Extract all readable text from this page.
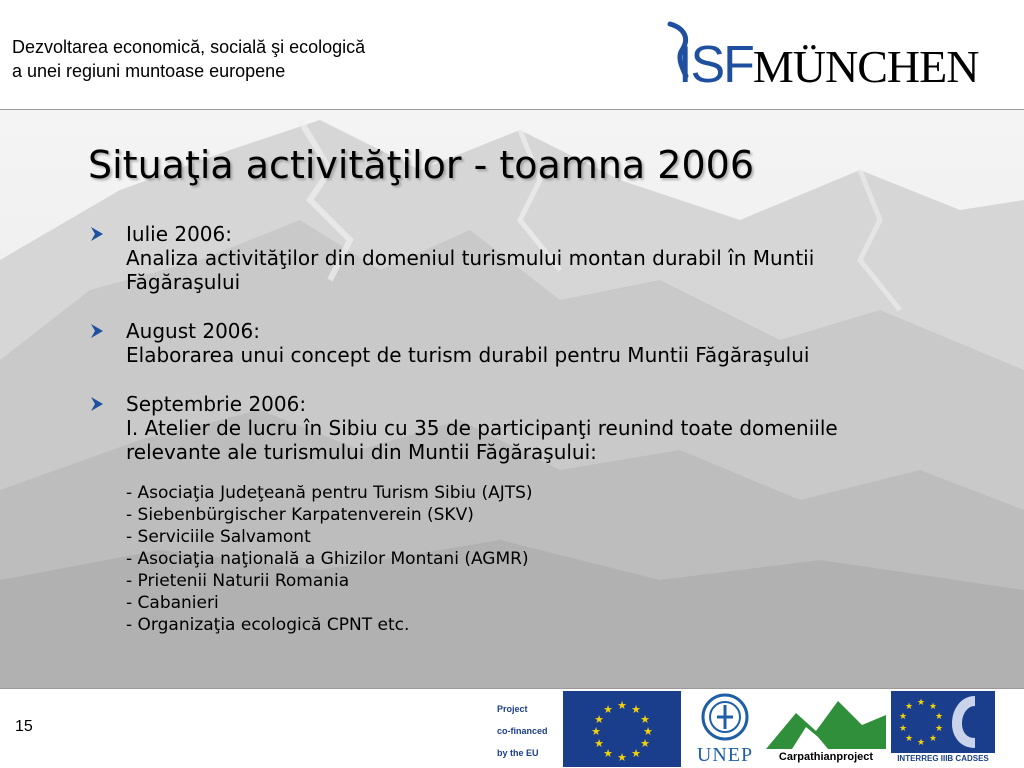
Dezvoltarea economică, socială şi ecologică
a unei regiuni muntoase europene	ISFMÜNCHEN
Situaţia activităţilor - toamna 2006
Iulie 2006:
Analiza activităţilor din domeniul turismului montan durabil în Muntii
Făgăraşului
August 2006:
Elaborarea unui concept de turism durabil pentru Muntii Făgăraşului
Septembrie 2006:
I. Atelier de lucru în Sibiu cu 35 de participanţi reunind toate domeniile
relevante ale turismului din Muntii Făgăraşului:
- Asociaţia Judeţeană pentru Turism Sibiu (AJTS)
- Siebenbürgischer Karpatenverein (SKV)
- Serviciile Salvamont
- Asociaţia naţională a Ghizilor Montani (AGMR)
- Prietenii Naturii Romania
- Cabanieri
- Organizaţia ecologică CPNT etc.
15
Project
co-financed
by the EU
★ ★
★
★
★
★
★
★
★
★
★
★
UNEP	Carpathianproject
★ ★
★
★
★
★
★
★
★
★
INTERREG IIIB CADSES
